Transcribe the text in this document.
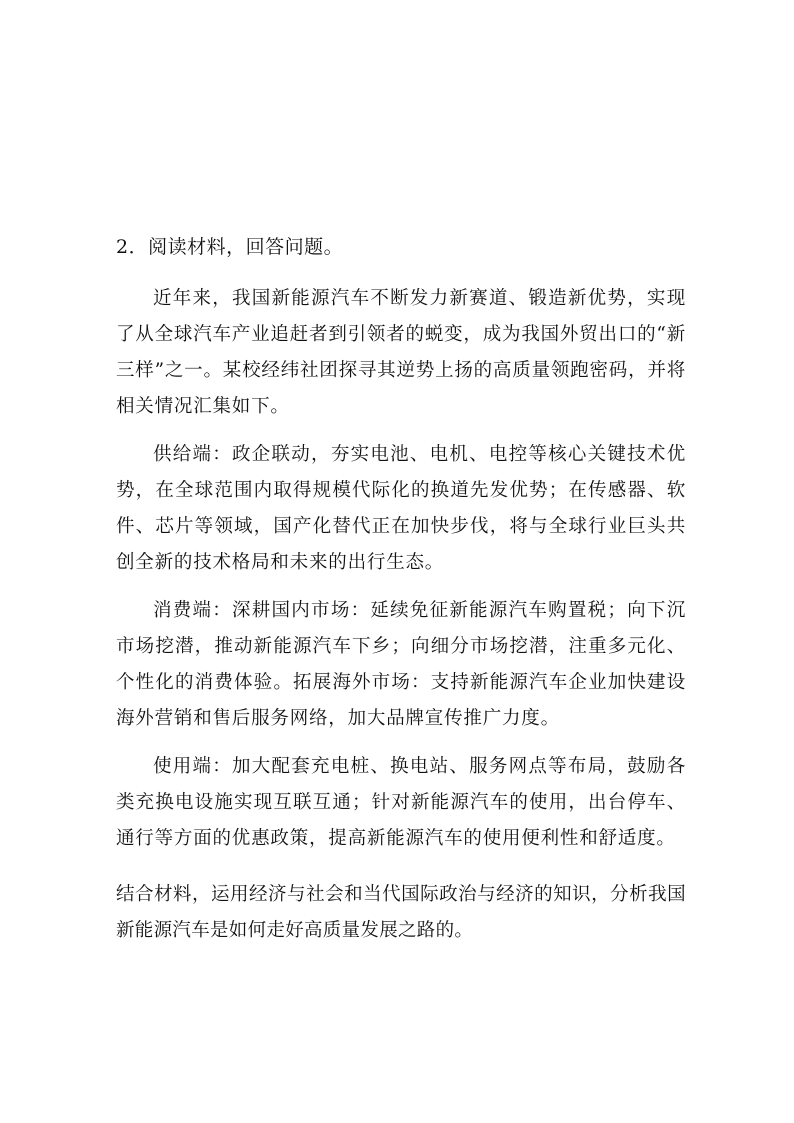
2．阅读材料，回答问题。
近年来，我国新能源汽车不断发力新赛道、锻造新优势，实现了从全球汽车产业追赶者到引领者的蜕变，成为我国外贸出口的“新三样”之一。某校经纬社团探寻其逆势上扬的高质量领跑密码，并将相关情况汇集如下。
供给端：政企联动，夯实电池、电机、电控等核心关键技术优势，在全球范围内取得规模代际化的换道先发优势；在传感器、软件、芯片等领域，国产化替代正在加快步伐，将与全球行业巨头共创全新的技术格局和未来的出行生态。
消费端：深耕国内市场：延续免征新能源汽车购置税；向下沉市场挖潜，推动新能源汽车下乡；向细分市场挖潜，注重多元化、个性化的消费体验。拓展海外市场：支持新能源汽车企业加快建设海外营销和售后服务网络，加大品牌宣传推广力度。
使用端：加大配套充电桩、换电站、服务网点等布局，鼓励各类充换电设施实现互联互通；针对新能源汽车的使用，出台停车、通行等方面的优惠政策，提高新能源汽车的使用便利性和舒适度。
结合材料，运用经济与社会和当代国际政治与经济的知识，分析我国新能源汽车是如何走好高质量发展之路的。
